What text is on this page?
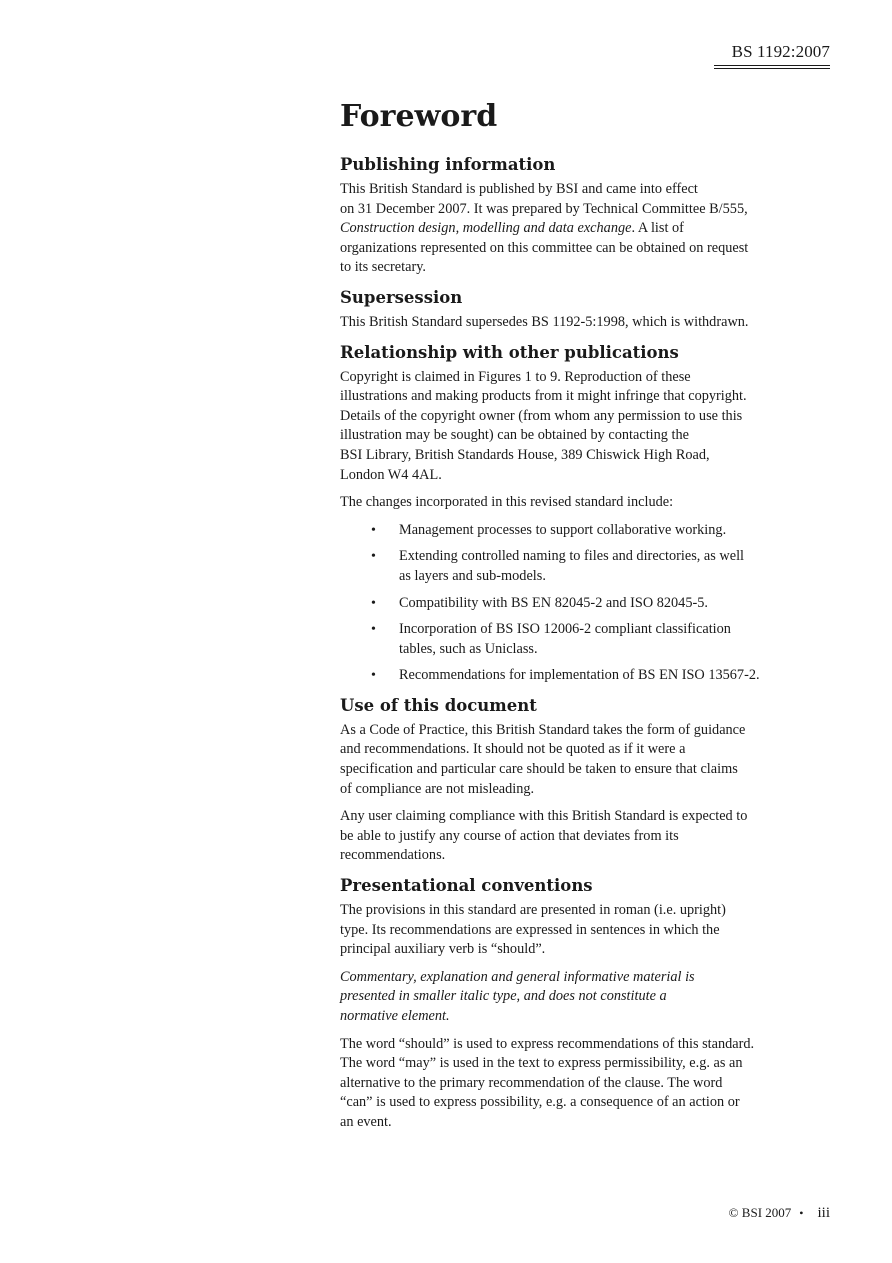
BS 1192:2007
Foreword
Publishing information

This British Standard is published by BSI and came into effect
on 31 December 2007. It was prepared by Technical Committee B/555,
Construction design, modelling and data exchange. A list of
organizations represented on this committee can be obtained on request
to its secretary.

Supersession

This British Standard supersedes BS 1192-5:1998, which is withdrawn.

Relationship with other publications

Copyright is claimed in Figures 1 to 9. Reproduction of these
illustrations and making products from it might infringe that copyright.
Details of the copyright owner (from whom any permission to use this
illustration may be sought) can be obtained by contacting the
BSI Library, British Standards House, 389 Chiswick High Road,
London W4 4AL.

The changes incorporated in this revised standard include:

• Management processes to support collaborative working.
• Extending controlled naming to files and directories, as well
as layers and sub-models.
• Compatibility with BS EN 82045-2 and ISO 82045-5.
• Incorporation of BS ISO 12006-2 compliant classification
tables, such as Uniclass.
• Recommendations for implementation of BS EN ISO 13567-2.
Use of this document

As a Code of Practice, this British Standard takes the form of guidance
and recommendations. It should not be quoted as if it were a
specification and particular care should be taken to ensure that claims
of compliance are not misleading.

Any user claiming compliance with this British Standard is expected to
be able to justify any course of action that deviates from its
recommendations.

Presentational conventions

The provisions in this standard are presented in roman (i.e. upright)
type. Its recommendations are expressed in sentences in which the
principal auxiliary verb is “should”.

Commentary, explanation and general informative material is
presented in smaller italic type, and does not constitute a
normative element.

The word “should” is used to express recommendations of this standard.
The word “may” is used in the text to express permissibility, e.g. as an
alternative to the primary recommendation of the clause. The word
“can” is used to express possibility, e.g. a consequence of an action or
an event.

© BSI 2007 • iii
